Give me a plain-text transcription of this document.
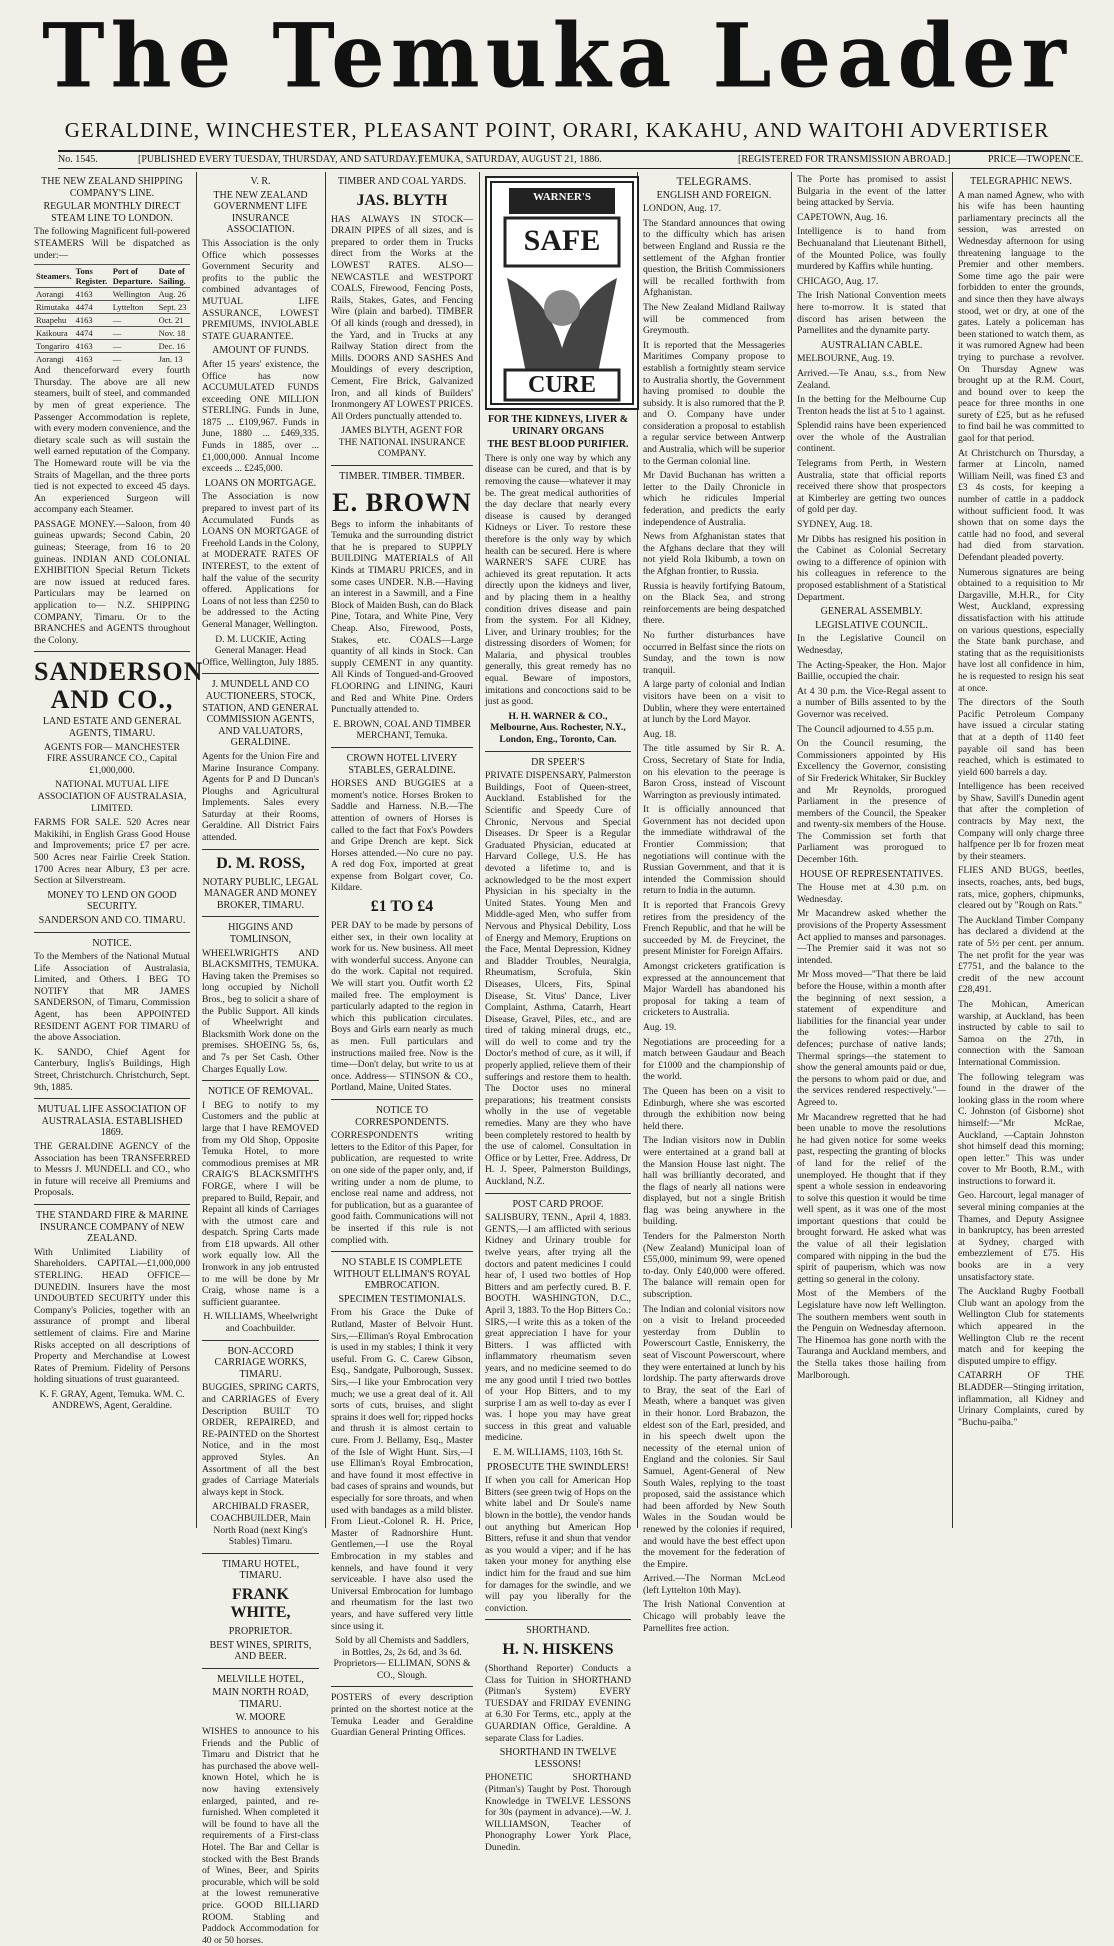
The Temuka Leader
GERALDINE, WINCHESTER, PLEASANT POINT, ORARI, KAKAHU, AND WAITOHI ADVERTISER
No. 1545.	[PUBLISHED EVERY TUESDAY, THURSDAY, AND SATURDAY.]
TEMUKA, SATURDAY, AUGUST 21, 1886.	[REGISTERED FOR TRANSMISSION ABROAD.]	PRICE—TWOPENCE.
THE NEW ZEALAND SHIPPING COMPANY'S LINE.
REGULAR MONTHLY DIRECT STEAM LINE TO LONDON.

The following Magnificent full-powered STEAMERS Will be dispatched as under:—

Steamers.	Tons Register.	Port of Departure.	Date of Sailing.
Aorangi	4163	Wellington	Aug. 26
Rimutaka	4474	Lyttelton	Sept. 23
Ruapehu	4163	—	Oct. 21
Kaikoura	4474	—	Nov. 18
Tongariro	4163	—	Dec. 16
Aorangi	4163	—	Jan. 13

And thenceforward every fourth Thursday. The above are all new steamers, built of steel, and commanded by men of great experience. The Passenger Accommodation is replete, with every modern convenience, and the dietary scale such as will sustain the well earned reputation of the Company. The Homeward route will be via the Straits of Magellan, and the three ports tied is not expected to exceed 45 days. An experienced Surgeon will accompany each Steamer.

PASSAGE MONEY.—Saloon, from 40 guineas upwards; Second Cabin, 20 guineas; Steerage, from 16 to 20 guineas. INDIAN AND COLONIAL EXHIBITION Special Return Tickets are now issued at reduced fares. Particulars may be learned on application to— N.Z. SHIPPING COMPANY, Timaru. Or to the BRANCHES and AGENTS throughout the Colony.

SANDERSON AND CO.,
LAND ESTATE AND GENERAL AGENTS, TIMARU.

AGENTS FOR— MANCHESTER FIRE ASSURANCE CO., Capital £1,000,000.

NATIONAL MUTUAL LIFE ASSOCIATION OF AUSTRALASIA, LIMITED.

FARMS FOR SALE. 520 Acres near Makikihi, in English Grass Good House and Improvements; price £7 per acre. 500 Acres near Fairlie Creek Station. 1700 Acres near Albury, £3 per acre. Section at Silverstream.

MONEY TO LEND ON GOOD SECURITY.
SANDERSON AND CO. TIMARU.
NOTICE.

To the Members of the National Mutual Life Association of Australasia, Limited, and Others. I BEG TO NOTIFY that MR JAMES SANDERSON, of Timaru, Commission Agent, has been APPOINTED RESIDENT AGENT FOR TIMARU of the above Association.

K. SANDO, Chief Agent for Canterbury, Inglis's Buildings, High Street, Christchurch. Christchurch, Sept. 9th, 1885.

MUTUAL LIFE ASSOCIATION OF AUSTRALASIA. ESTABLISHED 1869.

THE GERALDINE AGENCY of the Association has been TRANSFERRED to Messrs J. MUNDELL and CO., who in future will receive all Premiums and Proposals.

THE STANDARD FIRE & MARINE INSURANCE COMPANY of NEW ZEALAND.

With Unlimited Liability of Shareholders. CAPITAL—£1,000,000 STERLING. HEAD OFFICE—DUNEDIN. Insurers have the most UNDOUBTED SECURITY under this Company's Policies, together with an assurance of prompt and liberal settlement of claims. Fire and Marine Risks accepted on all descriptions of Property and Merchandise at Lowest Rates of Premium. Fidelity of Persons holding situations of trust guaranteed.

K. F. GRAY, Agent, Temuka. WM. C. ANDREWS, Agent, Geraldine.

V. R.
THE NEW ZEALAND GOVERNMENT LIFE INSURANCE ASSOCIATION.

This Association is the only Office which possesses Government Security and profits to the public the combined advantages of MUTUAL LIFE ASSURANCE, LOWEST PREMIUMS, INVIOLABLE STATE GUARANTEE.

AMOUNT OF FUNDS.

After 15 years' existence, the Office has now ACCUMULATED FUNDS exceeding ONE MILLION STERLING. Funds in June, 1875 ... £109,967. Funds in June, 1880 ... £469,335. Funds in 1885, over ... £1,000,000. Annual Income exceeds ... £245,000.

LOANS ON MORTGAGE.

The Association is now prepared to invest part of its Accumulated Funds as LOANS ON MORTGAGE of Freehold Lands in the Colony, at MODERATE RATES OF INTEREST, to the extent of half the value of the security offered. Applications for Loans of not less than £250 to be addressed to the Acting General Manager, Wellington.

D. M. LUCKIE, Acting General Manager. Head Office, Wellington, July 1885.

J. MUNDELL AND CO AUCTIONEERS, STOCK, STATION, AND GENERAL COMMISSION AGENTS, AND VALUATORS, GERALDINE.

Agents for the Union Fire and Marine Insurance Company. Agents for P and D Duncan's Ploughs and Agricultural Implements. Sales every Saturday at their Rooms, Geraldine. All District Fairs attended.

D. M. ROSS,
NOTARY PUBLIC, LEGAL MANAGER AND MONEY BROKER, TIMARU.
HIGGINS AND TOMLINSON,

WHEELWRIGHTS AND BLACKSMITHS, TEMUKA. Having taken the Premises so long occupied by Nicholl Bros., beg to solicit a share of the Public Support. All kinds of Wheelwright and Blacksmith Work done on the premises. SHOEING 5s, 6s, and 7s per Set Cash. Other Charges Equally Low.

NOTICE OF REMOVAL.

I BEG to notify to my Customers and the public at large that I have REMOVED from my Old Shop, Opposite Temuka Hotel, to more commodious premises at MR CRAIG'S BLACKSMITH'S FORGE, where I will be prepared to Build, Repair, and Repaint all kinds of Carriages with the utmost care and despatch. Spring Carts made from £18 upwards. All other work equally low. All the Ironwork in any job entrusted to me will be done by Mr Craig, whose name is a sufficient guarantee.

H. WILLIAMS, Wheelwright and Coachbuilder.

BON-ACCORD CARRIAGE WORKS, TIMARU.

BUGGIES, SPRING CARTS, and CARRIAGES of Every Description BUILT TO ORDER, REPAIRED, and RE-PAINTED on the Shortest Notice, and in the most approved Styles. An Assortment of all the best grades of Carriage Materials always kept in Stock.

ARCHIBALD FRASER, COACHBUILDER, Main North Road (next King's Stables) Timaru.

TIMARU HOTEL, TIMARU.
FRANK WHITE,
PROPRIETOR.
BEST WINES, SPIRITS, AND BEER.
MELVILLE HOTEL,
MAIN NORTH ROAD, TIMARU.
W. MOORE

WISHES to announce to his Friends and the Public of Timaru and District that he has purchased the above well-known Hotel, which he is now having extensively enlarged, painted, and re-furnished. When completed it will be found to have all the requirements of a First-class Hotel. The Bar and Cellar is stocked with the Best Brands of Wines, Beer, and Spirits procurable, which will be sold at the lowest remunerative price. GOOD BILLIARD ROOM. Stabling and Paddock Accommodation for 40 or 50 horses.

TIMBER AND COAL YARDS.
JAS. BLYTH

HAS ALWAYS IN STOCK— DRAIN PIPES of all sizes, and is prepared to order them in Trucks direct from the Works at the LOWEST RATES. ALSO— NEWCASTLE and WESTPORT COALS, Firewood, Fencing Posts, Rails, Stakes, Gates, and Fencing Wire (plain and barbed). TIMBER Of all kinds (rough and dressed), in the Yard, and in Trucks at any Railway Station direct from the Mills. DOORS AND SASHES And Mouldings of every description, Cement, Fire Brick, Galvanized Iron, and all kinds of Builders' Ironmongery AT LOWEST PRICES. All Orders punctually attended to.

JAMES BLYTH, AGENT FOR THE NATIONAL INSURANCE COMPANY.

TIMBER. TIMBER. TIMBER.
E. BROWN

Begs to inform the inhabitants of Temuka and the surrounding district that he is prepared to SUPPLY BUILDING MATERIALS of All Kinds at TIMARU PRICES, and in some cases UNDER. N.B.—Having an interest in a Sawmill, and a Fine Block of Maiden Bush, can do Black Pine, Totara, and White Pine, Very Cheap. Also, Firewood, Posts, Stakes, etc. COALS—Large quantity of all kinds in Stock. Can supply CEMENT in any quantity. All Kinds of Tongued-and-Grooved FLOORING and LINING, Kauri and Red and White Pine. Orders Punctually attended to.

E. BROWN, COAL AND TIMBER MERCHANT, Temuka.

CROWN HOTEL LIVERY STABLES, GERALDINE.

HORSES AND BUGGIES at a moment's notice. Horses Broken to Saddle and Harness. N.B.—The attention of owners of Horses is called to the fact that Fox's Powders and Gripe Drench are kept. Sick Horses attended.—No cure no pay. A red dog Fox, imported at great expense from Bolgart cover, Co. Kildare.

£1 TO £4

PER DAY to be made by persons of either sex, in their own locality at work for us. New business. All meet with wonderful success. Anyone can do the work. Capital not required. We will start you. Outfit worth £2 mailed free. The employment is particularly adapted to the region in which this publication circulates. Boys and Girls earn nearly as much as men. Full particulars and instructions mailed free. Now is the time—Don't delay, but write to us at once. Address— STINSON & CO., Portland, Maine, United States.

NOTICE TO CORRESPONDENTS.

CORRESPONDENTS writing letters to the Editor of this Paper, for publication, are requested to write on one side of the paper only, and, if writing under a nom de plume, to enclose real name and address, not for publication, but as a guarantee of good faith. Communications will not be inserted if this rule is not complied with.

NO STABLE IS COMPLETE WITHOUT ELLIMAN'S ROYAL EMBROCATION.
SPECIMEN TESTIMONIALS.

From his Grace the Duke of Rutland, Master of Belvoir Hunt. Sirs,—Elliman's Royal Embrocation is used in my stables; I think it very useful. From G. C. Carew Gibson, Esq., Sandgate, Pulborough, Sussex. Sirs,—I like your Embrocation very much; we use a great deal of it. All sorts of cuts, bruises, and slight sprains it does well for; ripped hocks and thrush it is almost certain to cure. From J. Bellamy, Esq., Master of the Isle of Wight Hunt. Sirs,—I use Elliman's Royal Embrocation, and have found it most effective in bad cases of sprains and wounds, but especially for sore throats, and when used with bandages as a mild blister. From Lieut.-Colonel R. H. Price, Master of Radnorshire Hunt. Gentlemen,—I use the Royal Embrocation in my stables and kennels, and have found it very serviceable. I have also used the Universal Embrocation for lumbago and rheumatism for the last two years, and have suffered very little since using it.

Sold by all Chemists and Saddlers, in Bottles, 2s, 2s 6d, and 3s 6d. Proprietors— ELLIMAN, SONS & CO., Slough.

POSTERS of every description printed on the shortest notice at the Temuka Leader and Geraldine Guardian General Printing Offices.

WARNER'S
SAFE
CURE
FOR THE KIDNEYS, LIVER & URINARY ORGANS
THE BEST BLOOD PURIFIER.

There is only one way by which any disease can be cured, and that is by removing the cause—whatever it may be. The great medical authorities of the day declare that nearly every disease is caused by deranged Kidneys or Liver. To restore these therefore is the only way by which health can be secured. Here is where WARNER'S SAFE CURE has achieved its great reputation. It acts directly upon the kidneys and liver, and by placing them in a healthy condition drives disease and pain from the system. For all Kidney, Liver, and Urinary troubles; for the distressing disorders of Women; for Malaria, and physical troubles generally, this great remedy has no equal. Beware of impostors, imitations and concoctions said to be just as good.

H. H. WARNER & CO., Melbourne, Aus. Rochester, N.Y., London, Eng., Toronto, Can.

DR SPEER'S

PRIVATE DISPENSARY, Palmerston Buildings, Foot of Queen-street, Auckland. Established for the Scientific and Speedy Cure of Chronic, Nervous and Special Diseases. Dr Speer is a Regular Graduated Physician, educated at Harvard College, U.S. He has devoted a lifetime to, and is acknowledged to be the most expert Physician in his specialty in the United States. Young Men and Middle-aged Men, who suffer from Nervous and Physical Debility, Loss of Energy and Memory, Eruptions on the Face, Mental Depression, Kidney and Bladder Troubles, Neuralgia, Rheumatism, Scrofula, Skin Diseases, Ulcers, Fits, Spinal Disease, St. Vitus' Dance, Liver Complaint, Asthma, Catarrh, Heart Disease, Gravel, Piles, etc., and are tired of taking mineral drugs, etc., will do well to come and try the Doctor's method of cure, as it will, if properly applied, relieve them of their sufferings and restore them to health. The Doctor uses no mineral preparations; his treatment consists wholly in the use of vegetable remedies. Many are they who have been completely restored to health by the use of calomel. Consultation in Office or by Letter, Free. Address, Dr H. J. Speer, Palmerston Buildings, Auckland, N.Z.

POST CARD PROOF.

SALISBURY, TENN., April 4, 1883. GENTS,—I am afflicted with serious Kidney and Urinary trouble for twelve years, after trying all the doctors and patent medicines I could hear of, I used two bottles of Hop Bitters and am perfectly cured. B. F. BOOTH. WASHINGTON, D.C., April 3, 1883. To the Hop Bitters Co.: SIRS,—I write this as a token of the great appreciation I have for your Bitters. I was afflicted with inflammatory rheumatism seven years, and no medicine seemed to do me any good until I tried two bottles of your Hop Bitters, and to my surprise I am as well to-day as ever I was. I hope you may have great success in this great and valuable medicine.

E. M. WILLIAMS, 1103, 16th St.

PROSECUTE THE SWINDLERS!

If when you call for American Hop Bitters (see green twig of Hops on the white label and Dr Soule's name blown in the bottle), the vendor hands out anything but American Hop Bitters, refuse it and shun that vendor as you would a viper; and if he has taken your money for anything else indict him for the fraud and sue him for damages for the swindle, and we will pay you liberally for the conviction.

SHORTHAND.
H. N. HISKENS

(Shorthand Reporter) Conducts a Class for Tuition in SHORTHAND (Pitman's System) EVERY TUESDAY and FRIDAY EVENING at 6.30 For Terms, etc., apply at the GUARDIAN Office, Geraldine. A separate Class for Ladies.

SHORTHAND IN TWELVE LESSONS!

PHONETIC SHORTHAND (Pitman's) Taught by Post. Thorough Knowledge in TWELVE LESSONS for 30s (payment in advance).—W. J. WILLIAMSON, Teacher of Phonography Lower York Place, Dunedin.

TELEGRAMS.
ENGLISH AND FOREIGN.

LONDON, Aug. 17.

The Standard announces that owing to the difficulty which has arisen between England and Russia re the settlement of the Afghan frontier question, the British Commissioners will be recalled forthwith from Afghanistan.

The New Zealand Midland Railway will be commenced from Greymouth.

It is reported that the Messageries Maritimes Company propose to establish a fortnightly steam service to Australia shortly, the Government having promised to double the subsidy. It is also rumored that the P. and O. Company have under consideration a proposal to establish a regular service between Antwerp and Australia, which will be superior to the German colonial line.

Mr David Buchanan has written a letter to the Daily Chronicle in which he ridicules Imperial federation, and predicts the early independence of Australia.

News from Afghanistan states that the Afghans declare that they will not yield Rola Ikibumb, a town on the Afghan frontier, to Russia.

Russia is heavily fortifying Batoum, on the Black Sea, and strong reinforcements are being despatched there.

No further disturbances have occurred in Belfast since the riots on Sunday, and the town is now tranquil.

A large party of colonial and Indian visitors have been on a visit to Dublin, where they were entertained at lunch by the Lord Mayor.

Aug. 18.

The title assumed by Sir R. A. Cross, Secretary of State for India, on his elevation to the peerage is Baron Cross, instead of Viscount Warrington as previously intimated.

It is officially announced that Government has not decided upon the immediate withdrawal of the Frontier Commission; that negotiations will continue with the Russian Government, and that it is intended the Commission should return to India in the autumn.

It is reported that Francois Grevy retires from the presidency of the French Republic, and that he will be succeeded by M. de Freycinet, the present Minister for Foreign Affairs.

Amongst cricketers gratification is expressed at the announcement that Major Wardell has abandoned his proposal for taking a team of cricketers to Australia.

Aug. 19.

Negotiations are proceeding for a match between Gaudaur and Beach for £1000 and the championship of the world.

The Queen has been on a visit to Edinburgh, where she was escorted through the exhibition now being held there.

The Indian visitors now in Dublin were entertained at a grand ball at the Mansion House last night. The hall was brilliantly decorated, and the flags of nearly all nations were displayed, but not a single British flag was being anywhere in the building.

Tenders for the Palmerston North (New Zealand) Municipal loan of £55,000, minimum 99, were opened to-day. Only £40,000 were offered. The balance will remain open for subscription.

The Indian and colonial visitors now on a visit to Ireland proceeded yesterday from Dublin to Powerscourt Castle, Enniskerry, the seat of Viscount Powerscourt, where they were entertained at lunch by his lordship. The party afterwards drove to Bray, the seat of the Earl of Meath, where a banquet was given in their honor. Lord Brabazon, the eldest son of the Earl, presided, and in his speech dwelt upon the necessity of the eternal union of England and the colonies. Sir Saul Samuel, Agent-General of New South Wales, replying to the toast proposed, said the assistance which had been afforded by New South Wales in the Soudan would be renewed by the colonies if required, and would have the best effect upon the movement for the federation of the Empire.

Arrived.—The Norman McLeod (left Lyttelton 10th May).

The Irish National Convention at Chicago will probably leave the Parnellites free action.

The Porte has promised to assist Bulgaria in the event of the latter being attacked by Servia.

CAPETOWN, Aug. 16.

Intelligence is to hand from Bechuanaland that Lieutenant Bithell, of the Mounted Police, was foully murdered by Kaffirs while hunting.

CHICAGO, Aug. 17.

The Irish National Convention meets here to-morrow. It is stated that discord has arisen between the Parnellites and the dynamite party.

AUSTRALIAN CABLE.

MELBOURNE, Aug. 19.

Arrived.—Te Anau, s.s., from New Zealand.

In the betting for the Melbourne Cup Trenton heads the list at 5 to 1 against.

Splendid rains have been experienced over the whole of the Australian continent.

Telegrams from Perth, in Western Australia, state that official reports received there show that prospectors at Kimberley are getting two ounces of gold per day.

SYDNEY, Aug. 18.

Mr Dibbs has resigned his position in the Cabinet as Colonial Secretary owing to a difference of opinion with his colleagues in reference to the proposed establishment of a Statistical Department.

GENERAL ASSEMBLY.
LEGISLATIVE COUNCIL.

In the Legislative Council on Wednesday,

The Acting-Speaker, the Hon. Major Baillie, occupied the chair.

At 4 30 p.m. the Vice-Regal assent to a number of Bills assented to by the Governor was received.

The Council adjourned to 4.55 p.m.

On the Council resuming, the Commissioners appointed by His Excellency the Governor, consisting of Sir Frederick Whitaker, Sir Buckley and Mr Reynolds, prorogued Parliament in the presence of members of the Council, the Speaker and twenty-six members of the House. The Commission set forth that Parliament was prorogued to December 16th.

HOUSE OF REPRESENTATIVES.

The House met at 4.30 p.m. on Wednesday.

Mr Macandrew asked whether the provisions of the Property Assessment Act applied to manses and parsonages.—The Premier said it was not so intended.

Mr Moss moved—"That there be laid before the House, within a month after the beginning of next session, a statement of expenditure and liabilities for the financial year under the following votes:—Harbor defences; purchase of native lands; Thermal springs—the statement to show the general amounts paid or due, the persons to whom paid or due, and the services rendered respectively."—Agreed to.

Mr Macandrew regretted that he had been unable to move the resolutions he had given notice for some weeks past, respecting the granting of blocks of land for the relief of the unemployed. He thought that if they spent a whole session in endeavoring to solve this question it would be time well spent, as it was one of the most important questions that could be brought forward. He asked what was the value of all their legislation compared with nipping in the bud the spirit of pauperism, which was now getting so general in the colony.

Most of the Members of the Legislature have now left Wellington. The southern members went south in the Penguin on Wednesday afternoon. The Hinemoa has gone north with the Tauranga and Auckland members, and the Stella takes those hailing from Marlborough.

TELEGRAPHIC NEWS.

A man named Agnew, who with his wife has been haunting parliamentary precincts all the session, was arrested on Wednesday afternoon for using threatening language to the Premier and other members. Some time ago the pair were forbidden to enter the grounds, and since then they have always stood, wet or dry, at one of the gates. Lately a policeman has been stationed to watch them, as it was rumored Agnew had been trying to purchase a revolver. On Thursday Agnew was brought up at the R.M. Court, and bound over to keep the peace for three months in one surety of £25, but as he refused to find bail he was committed to gaol for that period.

At Christchurch on Thursday, a farmer at Lincoln, named William Neill, was fined £3 and £3 4s costs, for keeping a number of cattle in a paddock without sufficient food. It was shown that on some days the cattle had no food, and several had died from starvation. Defendant pleaded poverty.

Numerous signatures are being obtained to a requisition to Mr Dargaville, M.H.R., for City West, Auckland, expressing dissatisfaction with his attitude on various questions, especially the State bank purchase, and stating that as the requisitionists have lost all confidence in him, he is requested to resign his seat at once.

The directors of the South Pacific Petroleum Company have issued a circular stating that at a depth of 1140 feet payable oil sand has been reached, which is estimated to yield 600 barrels a day.

Intelligence has been received by Shaw, Savill's Dunedin agent that after the completion of contracts by May next, the Company will only charge three halfpence per lb for frozen meat by their steamers.

FLIES AND BUGS, beetles, insects, roaches, ants, bed bugs, rats, mice, gophers, chipmunks, cleared out by "Rough on Rats."

The Auckland Timber Company has declared a dividend at the rate of 5½ per cent. per annum. The net profit for the year was £7751, and the balance to the credit of the new account £28,491.

The Mohican, American warship, at Auckland, has been instructed by cable to sail to Samoa on the 27th, in connection with the Samoan International Commission.

The following telegram was found in the drawer of the looking glass in the room where C. Johnston (of Gisborne) shot himself:—"Mr McRae, Auckland, —Captain Johnston shot himself dead this morning; open letter." This was under cover to Mr Booth, R.M., with instructions to forward it.

Geo. Harcourt, legal manager of several mining companies at the Thames, and Deputy Assignee in bankruptcy, has been arrested at Sydney, charged with embezzlement of £75. His books are in a very unsatisfactory state.

The Auckland Rugby Football Club want an apology from the Wellington Club for statements which appeared in the Wellington Club re the recent match and for keeping the disputed umpire to effigy.

CATARRH OF THE BLADDER—Stinging irritation, inflammation, all Kidney and Urinary Complaints, cured by "Buchu-paiba."
